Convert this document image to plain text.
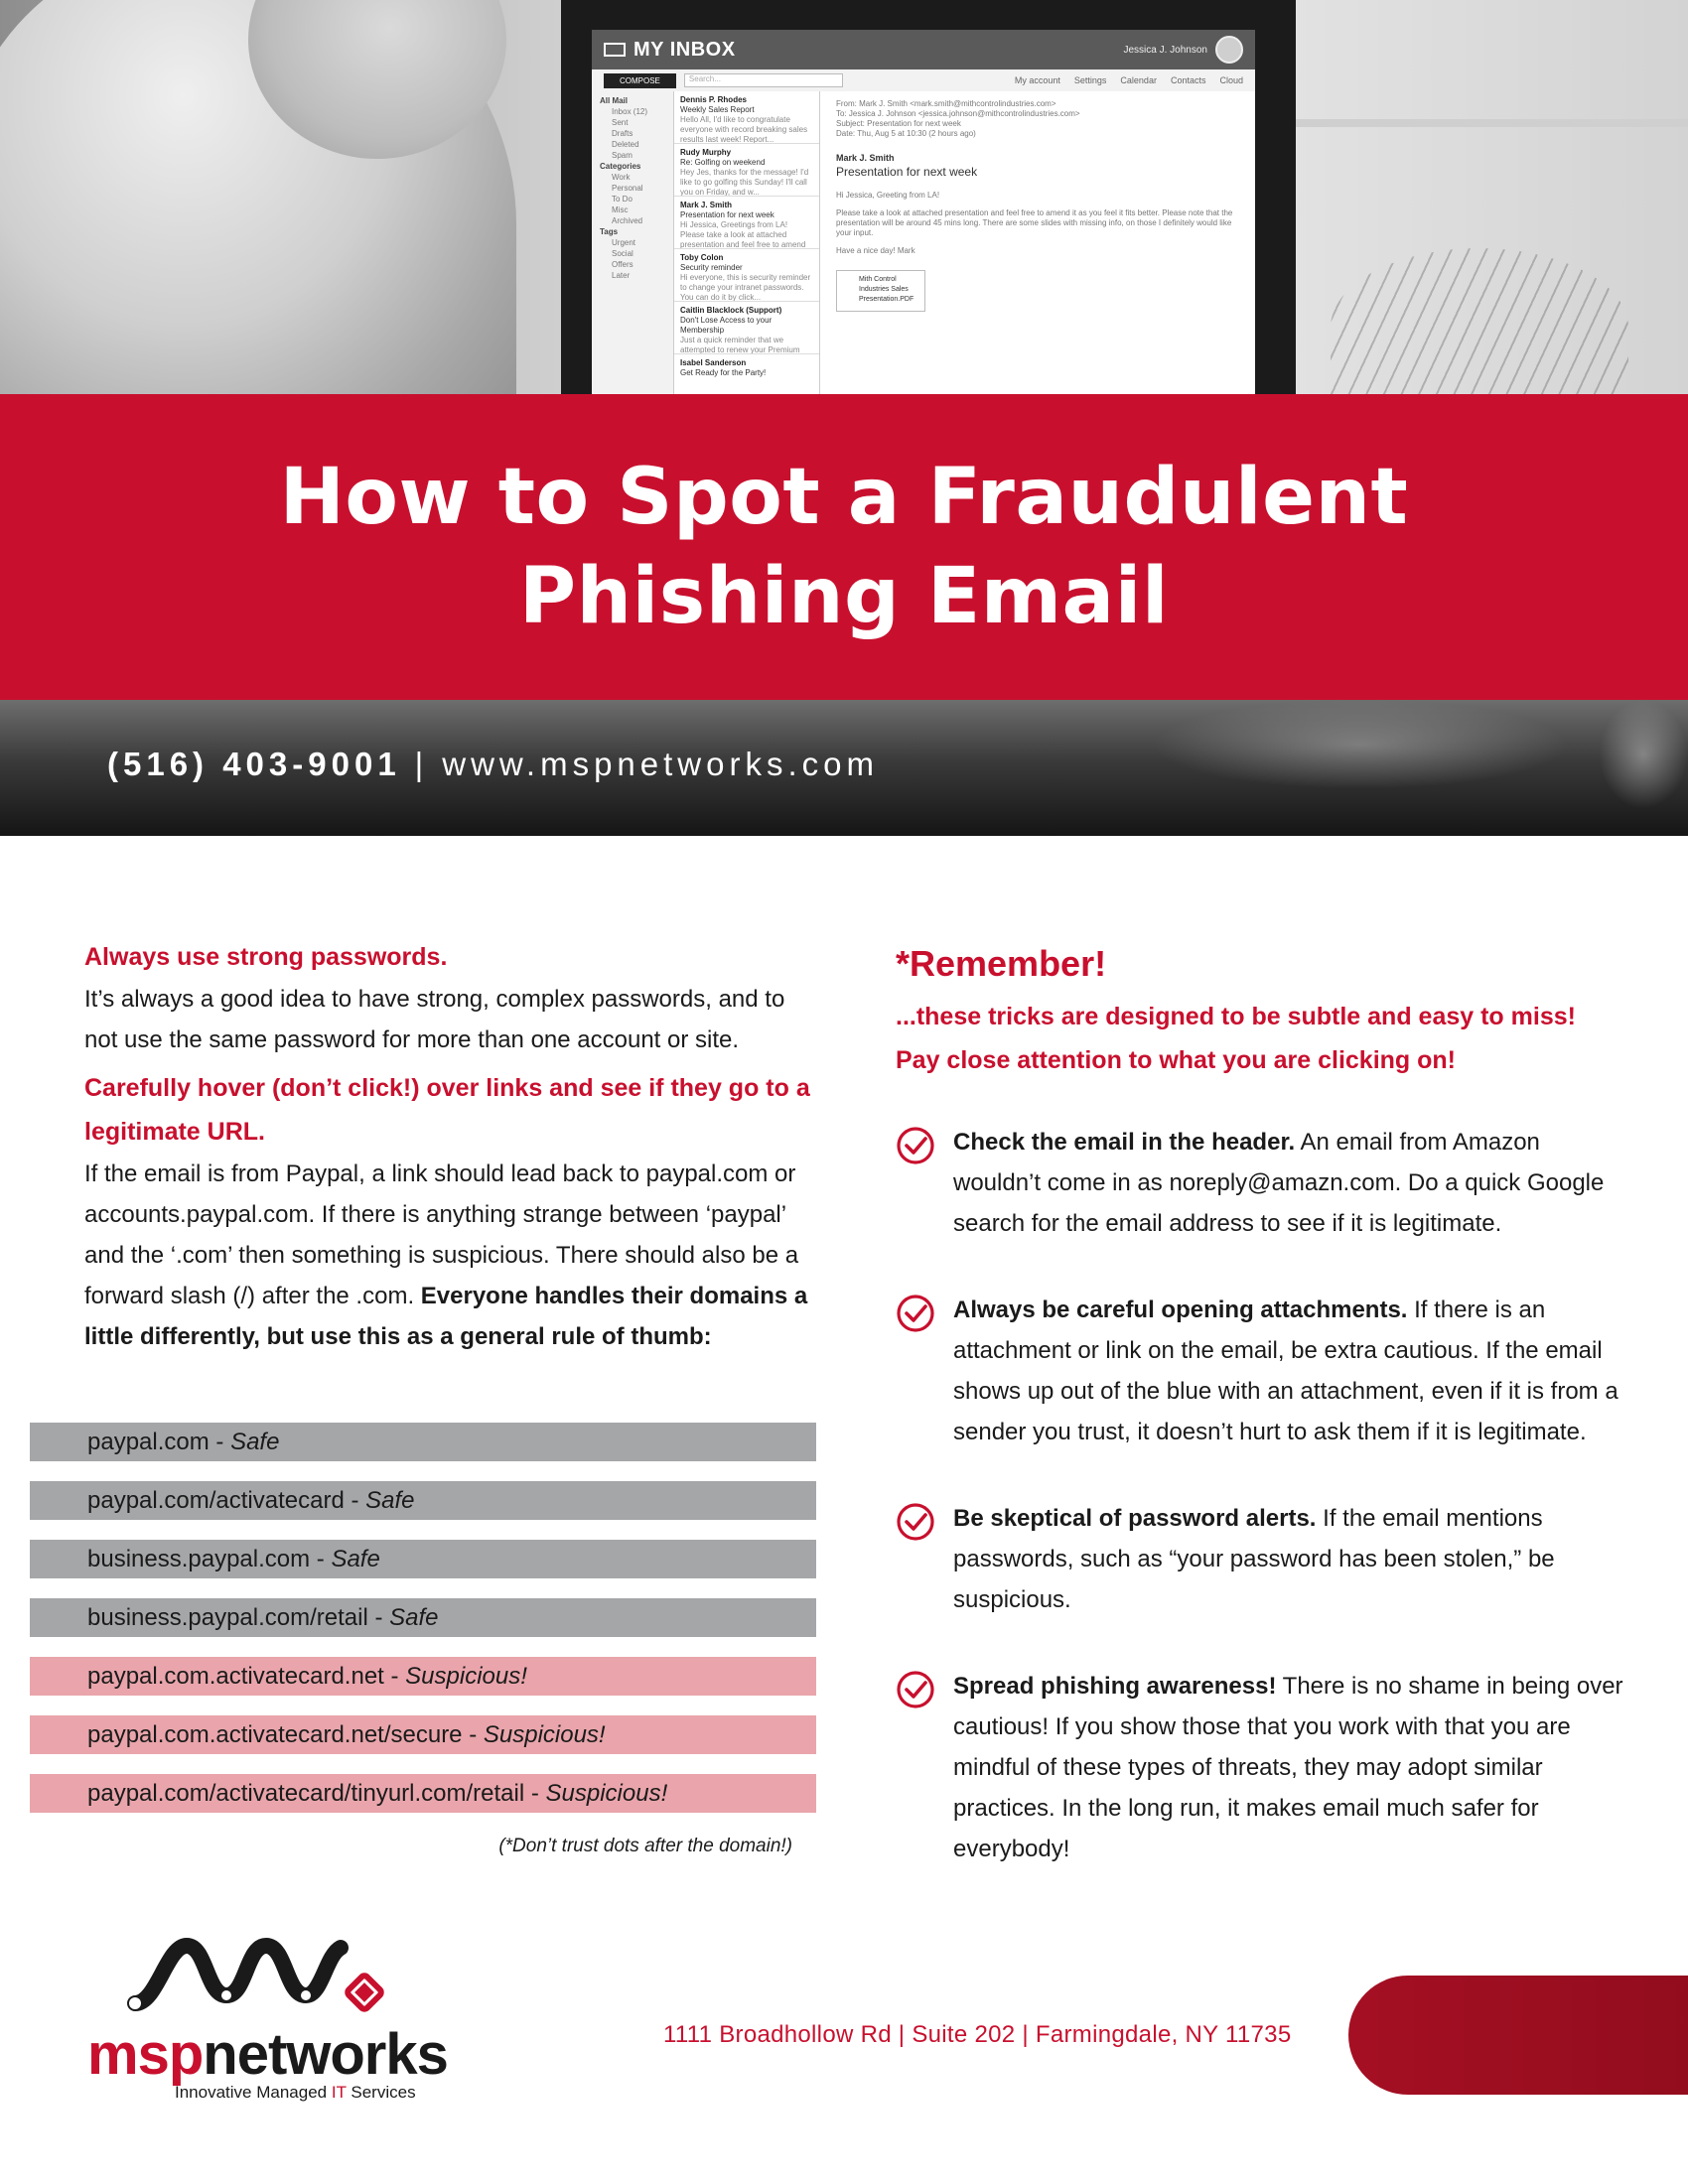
MY INBOX	Jessica J. Johnson
COMPOSE	Search...	My account Settings Calendar Contacts Cloud
All Mail
Inbox (12)
Sent
Drafts
Deleted
Spam
Categories
Work
Personal
To Do
Misc
Archived
Tags
Urgent
Social
Offers
Later
Dennis P. Rhodes
Weekly Sales Report
Hello All, I'd like to congratulate everyone with record breaking sales results last week! Report...
Rudy Murphy
Re: Golfing on weekend
Hey Jes, thanks for the message! I'd like to go golfing this Sunday! I'll call you on Friday, and w...
Mark J. Smith
Presentation for next week
Hi Jessica, Greetings from LA! Please take a look at attached presentation and feel free to amend
Toby Colon
Security reminder
Hi everyone, this is security reminder to change your intranet passwords. You can do it by click...
Caitlin Blacklock (Support)
Don't Lose Access to your Membership
Just a quick reminder that we attempted to renew your Premium
Isabel Sanderson
Get Ready for the Party!
From: Mark J. Smith <mark.smith@mithcontrolindustries.com>
To: Jessica J. Johnson <jessica.johnson@mithcontrolindustries.com>
Subject: Presentation for next week
Date: Thu, Aug 5 at 10:30 (2 hours ago)
Mark J. Smith
Presentation for next week
Hi Jessica, Greeting from LA!
Please take a look at attached presentation and feel free to amend it as you feel it fits better. Please note that the presentation will be around 45 mins long. There are some slides with missing info, on those I definitely would like your input.
Have a nice day! Mark
Mith Control Industries Sales Presentation.PDF
How to Spot a Fraudulent
Phishing Email
(516) 403-9001 | www.mspnetworks.com
Always use strong passwords.
It’s always a good idea to have strong, complex passwords, and to not use the same password for more than one account or site.
Carefully hover (don’t click!) over links and see if they go to a legitimate URL.
If the email is from Paypal, a link should lead back to paypal.com or accounts.paypal.com. If there is anything strange between ‘paypal’ and the ‘.com’ then something is suspicious. There should also be a forward slash (/) after the .com. Everyone handles their domains a little differently, but use this as a general rule of thumb:
paypal.com - Safe
paypal.com/activatecard - Safe
business.paypal.com - Safe
business.paypal.com/retail - Safe
paypal.com.activatecard.net - Suspicious!
paypal.com.activatecard.net/secure - Suspicious!
paypal.com/activatecard/tinyurl.com/retail - Suspicious!
(*Don’t trust dots after the domain!)
*Remember!
...these tricks are designed to be subtle and easy to miss!
Pay close attention to what you are clicking on!
Check the email in the header. An email from Amazon wouldn’t come in as noreply@amazn.com. Do a quick Google search for the email address to see if it is legitimate.
Always be careful opening attachments. If there is an attachment or link on the email, be extra cautious. If the email shows up out of the blue with an attachment, even if it is from a sender you trust, it doesn’t hurt to ask them if it is legitimate.
Be skeptical of password alerts. If the email mentions passwords, such as “your password has been stolen,” be suspicious.
Spread phishing awareness! There is no shame in being over cautious! If you show those that you work with that you are mindful of these types of threats, they may adopt similar practices. In the long run, it makes email much safer for everybody!
mspnetworks
Innovative Managed IT Services
1111 Broadhollow Rd | Suite 202 | Farmingdale, NY 11735
